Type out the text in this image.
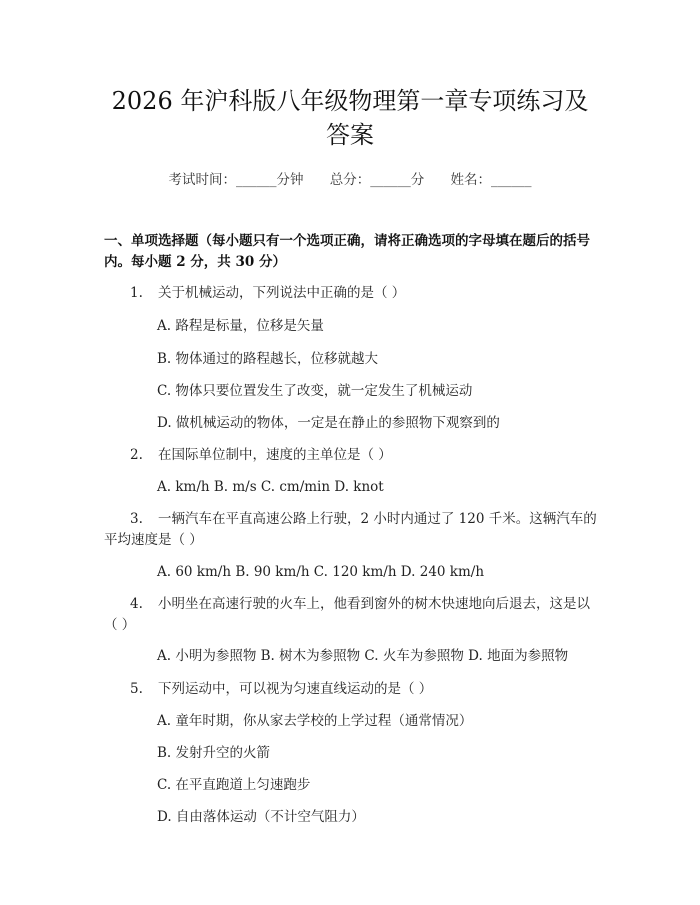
2026 年沪科版八年级物理第一章专项练习及
答案
考试时间：______分钟 总分：______分 姓名：______
一、单项选择题（每小题只有一个选项正确，请将正确选项的字母填在题后的括号内。每小题 2 分，共 30 分）
1. 关于机械运动，下列说法中正确的是（ ）
A. 路程是标量，位移是矢量
B. 物体通过的路程越长，位移就越大
C. 物体只要位置发生了改变，就一定发生了机械运动
D. 做机械运动的物体，一定是在静止的参照物下观察到的
2. 在国际单位制中，速度的主单位是（ ）
A. km/h B. m/s C. cm/min D. knot
3. 一辆汽车在平直高速公路上行驶，2 小时内通过了 120 千米。这辆汽车的平均速度是（ ）
A. 60 km/h B. 90 km/h C. 120 km/h D. 240 km/h
4. 小明坐在高速行驶的火车上，他看到窗外的树木快速地向后退去，这是以（ ）
A. 小明为参照物 B. 树木为参照物 C. 火车为参照物 D. 地面为参照物
5. 下列运动中，可以视为匀速直线运动的是（ ）
A. 童年时期，你从家去学校的上学过程（通常情况）
B. 发射升空的火箭
C. 在平直跑道上匀速跑步
D. 自由落体运动（不计空气阻力）
